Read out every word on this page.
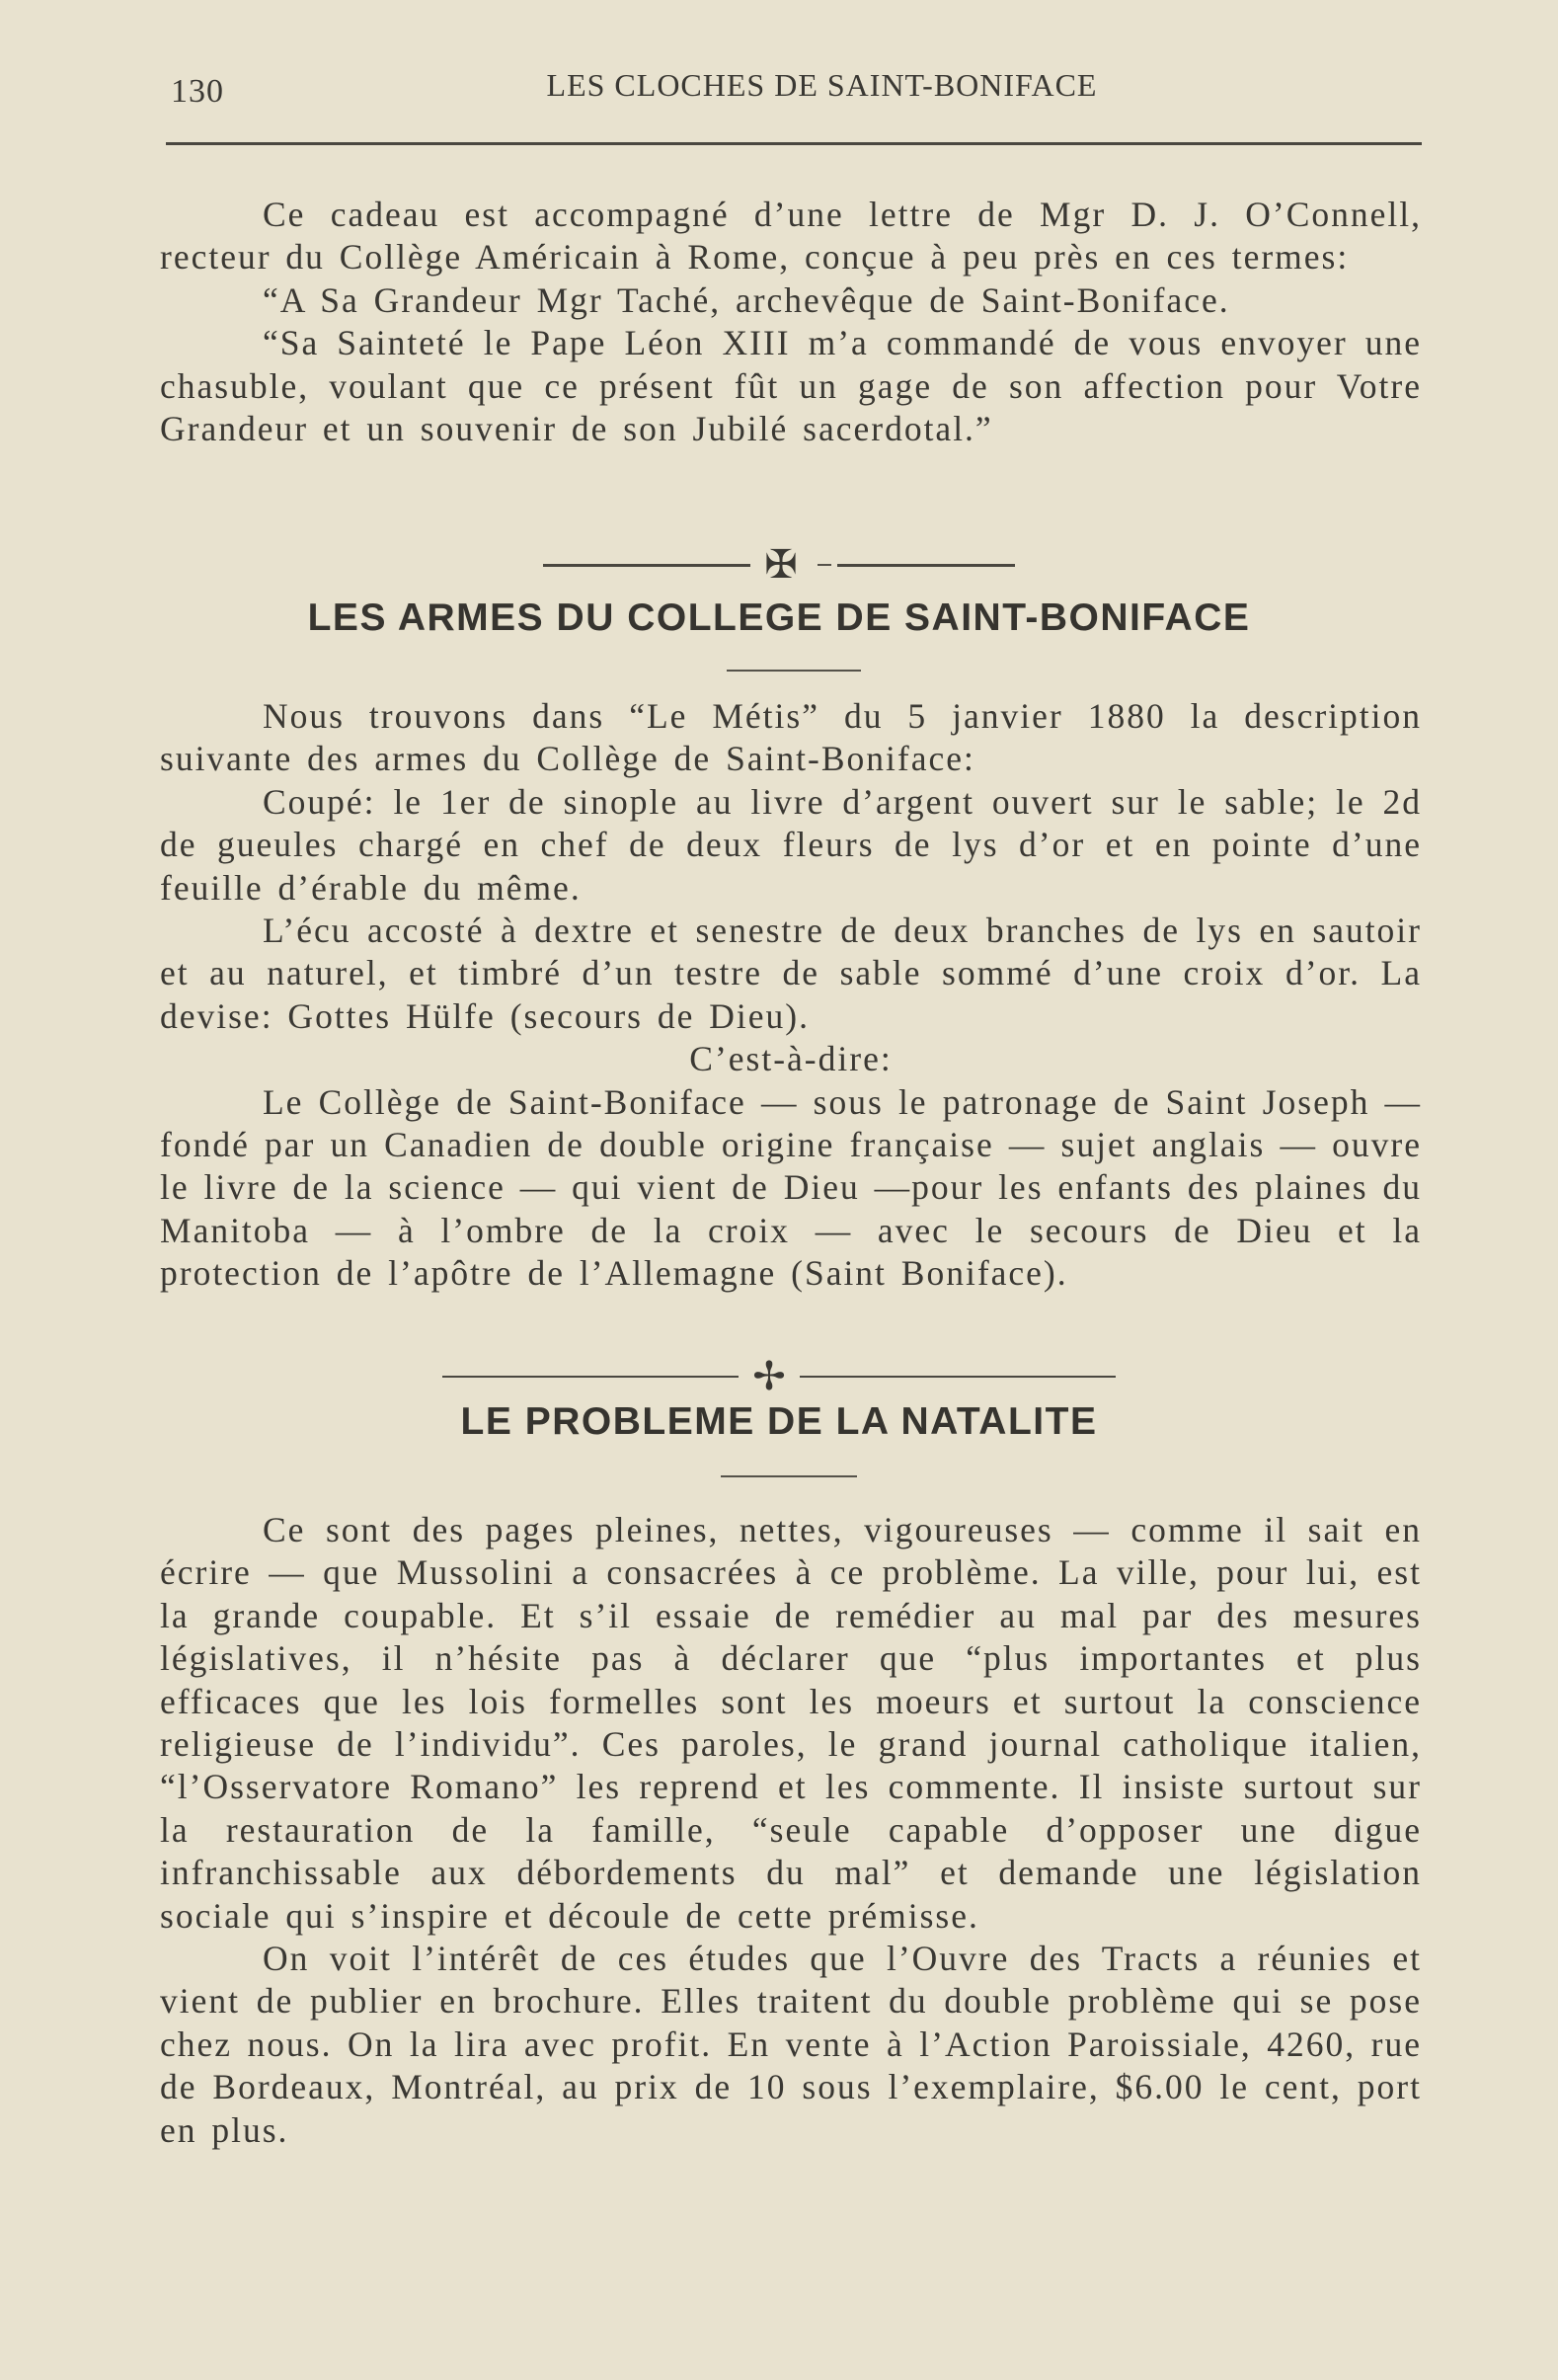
130	LES CLOCHES DE SAINT-BONIFACE

Ce cadeau est accompagné d’une lettre de Mgr D. J. O’Connell, recteur du Collège Américain à Rome, conçue à peu près en ces termes:

“A Sa Grandeur Mgr Taché, archevêque de Saint-Boniface.

“Sa Sainteté le Pape Léon XIII m’a commandé de vous envoyer une chasuble, voulant que ce présent fût un gage de son affection pour Votre Grandeur et un souvenir de son Jubilé sacerdotal.”

✠
LES ARMES DU COLLEGE DE SAINT-BONIFACE

Nous trouvons dans “Le Métis” du 5 janvier 1880 la description suivante des armes du Collège de Saint-Boniface:

Coupé: le 1er de sinople au livre d’argent ouvert sur le sable; le 2d de gueules chargé en chef de deux fleurs de lys d’or et en pointe d’une feuille d’érable du même.

L’écu accosté à dextre et senestre de deux branches de lys en sautoir et au naturel, et timbré d’un testre de sable sommé d’une croix d’or. La devise: Gottes Hülfe (secours de Dieu).

C’est-à-dire:

Le Collège de Saint-Boniface — sous le patronage de Saint Joseph — fondé par un Canadien de double origine française — sujet anglais — ouvre le livre de la science — qui vient de Dieu —pour les enfants des plaines du Manitoba — à l’ombre de la croix — avec le secours de Dieu et la protection de l’apôtre de l’Allemagne (Saint Boniface).

✢
LE PROBLEME DE LA NATALITE

Ce sont des pages pleines, nettes, vigoureuses — comme il sait en écrire — que Mussolini a consacrées à ce problème. La ville, pour lui, est la grande coupable. Et s’il essaie de remédier au mal par des mesures législatives, il n’hésite pas à déclarer que “plus importantes et plus efficaces que les lois formelles sont les moeurs et surtout la conscience religieuse de l’individu”. Ces paroles, le grand journal catholique italien, “l’Osservatore Romano” les reprend et les commente. Il insiste surtout sur la restauration de la famille, “seule capable d’opposer une digue infranchissable aux débordements du mal” et demande une législation sociale qui s’inspire et découle de cette prémisse.

On voit l’intérêt de ces études que l’Ouvre des Tracts a réunies et vient de publier en brochure. Elles traitent du double problème qui se pose chez nous. On la lira avec profit. En vente à l’Action Paroissiale, 4260, rue de Bordeaux, Montréal, au prix de 10 sous l’exemplaire, $6.00 le cent, port en plus.
